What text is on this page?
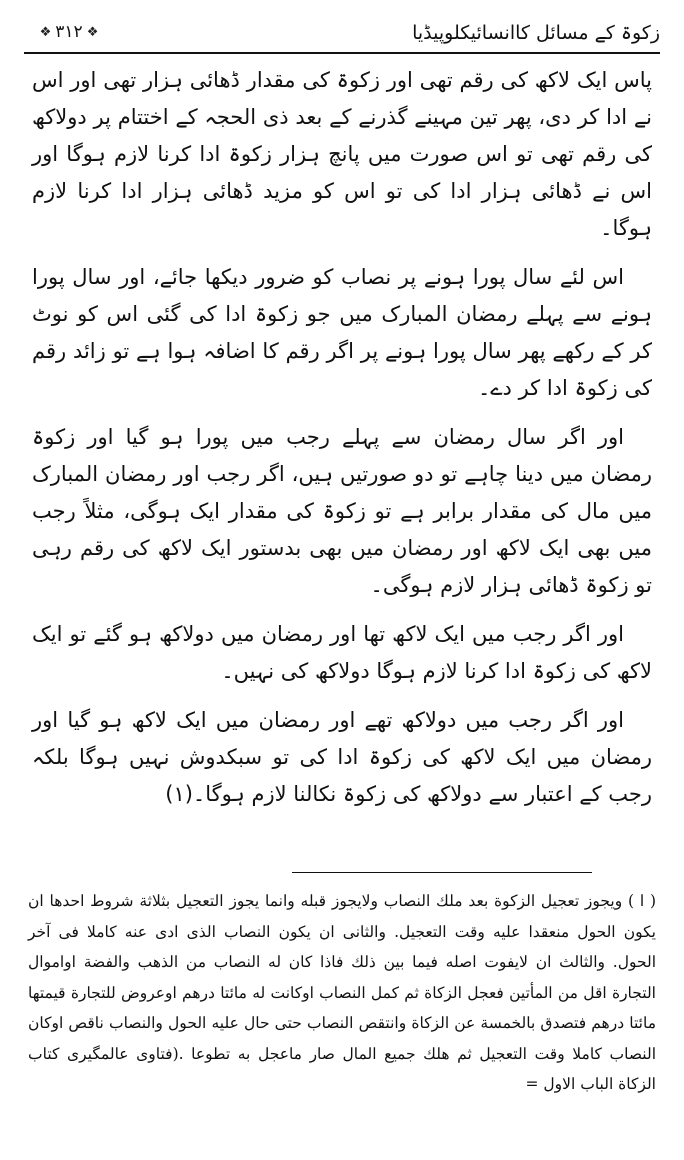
زکوۃ کے مسائل کاانسائیکلوپیڈیا
❖
۳۱۲
❖

پاس ایک لاکھ کی رقم تھی اور زکوۃ کی مقدار ڈھائی ہزار تھی اور اس نے ادا کر دی، پھر تین مہینے گذرنے کے بعد ذی الحجہ کے اختتام پر دولاکھ کی رقم تھی تو اس صورت میں پانچ ہزار زکوۃ ادا کرنا لازم ہوگا اور اس نے ڈھائی ہزار ادا کی تو اس کو مزید ڈھائی ہزار ادا کرنا لازم ہوگا۔

اس لئے سال پورا ہونے پر نصاب کو ضرور دیکھا جائے، اور سال پورا ہونے سے پہلے رمضان المبارک میں جو زکوۃ ادا کی گئی اس کو نوٹ کر کے رکھے پھر سال پورا ہونے پر اگر رقم کا اضافہ ہوا ہے تو زائد رقم کی زکوۃ ادا کر دے۔

اور اگر سال رمضان سے پہلے رجب میں پورا ہو گیا اور زکوۃ رمضان میں دینا چاہے تو دو صورتیں ہیں، اگر رجب اور رمضان المبارک میں مال کی مقدار برابر ہے تو زکوۃ کی مقدار ایک ہوگی، مثلاً رجب میں بھی ایک لاکھ اور رمضان میں بھی بدستور ایک لاکھ کی رقم رہی تو زکوۃ ڈھائی ہزار لازم ہوگی۔

اور اگر رجب میں ایک لاکھ تھا اور رمضان میں دولاکھ ہو گئے تو ایک لاکھ کی زکوۃ ادا کرنا لازم ہوگا دولاکھ کی نہیں۔

اور اگر رجب میں دولاکھ تھے اور رمضان میں ایک لاکھ ہو گیا اور رمضان میں ایک لاکھ کی زکوۃ ادا کی تو سبکدوش نہیں ہوگا بلکہ رجب کے اعتبار سے دولاکھ کی زکوۃ نکالنا لازم ہوگا۔(۱)

( ا ) ويجوز تعجيل الزكوة بعد ملك النصاب ولايجوز قبله وانما يجوز التعجيل بثلاثة شروط احدها ان يكون الحول منعقدا عليه وقت التعجيل. والثانى ان يكون النصاب الذى ادى عنه كاملا فى آخر الحول. والثالث ان لايفوت اصله فيما بين ذلك فاذا كان له النصاب من الذهب والفضة اواموال التجارة اقل من المأتين فعجل الزكاة ثم كمل النصاب اوكانت له مائتا درهم اوعروض للتجارة قيمتها مائتا درهم فتصدق بالخمسة عن الزكاة وانتقص النصاب حتى حال عليه الحول والنصاب ناقص اوكان النصاب كاملا وقت التعجيل ثم هلك جميع المال صار ماعجل به تطوعا .(فتاوى عالمگيرى كتاب الزكاة الباب الاول =
